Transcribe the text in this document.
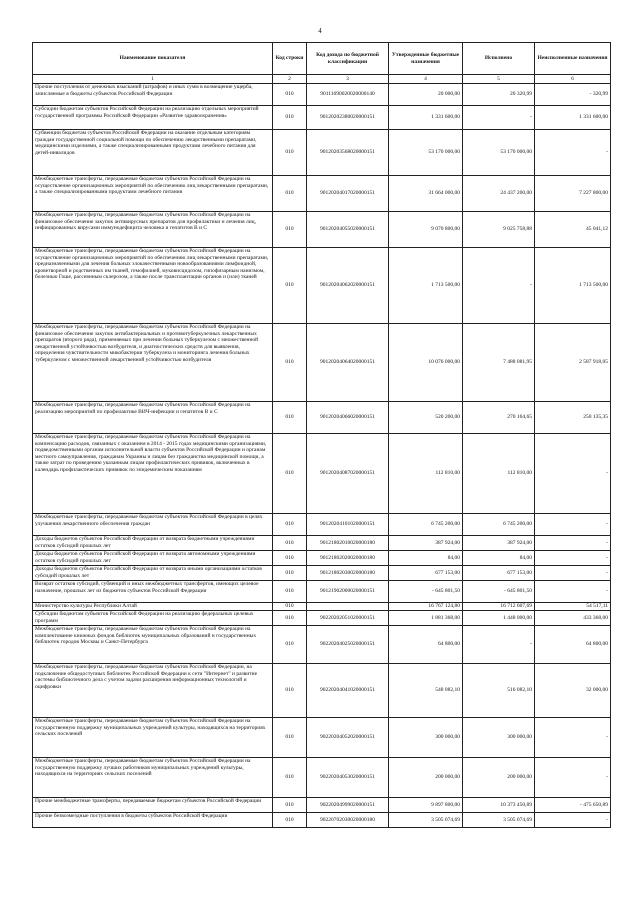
4
Наименование показателя	Код строки	Код дохода по бюджетной классификации	Утвержденные бюджетные назначения	Исполнено	Неисполненные назначения
1	2	3	4	5	6
Прочие поступления от денежных взысканий (штрафов) и иных сумм в возмещение ущерба, зачисляемые в бюджеты субъектов Российской Федерации	010	90111690020020000140	20 000,00	20 320,99	- 320,99
Субсидии бюджетам субъектов Российской Федерации на реализацию отдельных мероприятий государственной программы Российской Федерации «Развитие здравоохранения»	010	90120202380020000151	1 331 600,00	-	1 331 600,00
Субвенции бюджетам субъектов Российской Федерации на оказание отдельным категориям граждан государственной социальной помощи по обеспечению лекарственными препаратами, медицинскими изделиями, а также специализированными продуктами лечебного питания для детей-инвалидов	010	90120203568020000151	53 170 000,00	53 170 000,00	-
Межбюджетные трансферты, передаваемые бюджетам субъектов Российской Федерации на осуществление организационных мероприятий по обеспечению лиц лекарственными препаратами, а также специализированными продуктами лечебного питания	010	90120204017020000151	31 664 000,00	24 437 200,00	7 227 800,00
Межбюджетные трансферты, передаваемые бюджетам субъектов Российской Федерации на финансовое обеспечение закупок антивирусных препаратов для профилактики и лечения лиц, инфицированных вирусами иммунодефицита человека и гепатитов В и С	010	90120204055020000151	9 070 800,00	9 025 758,88	45 041,12
Межбюджетные трансферты, передаваемые бюджетам субъектов Российской Федерации на осуществление организационных мероприятий по обеспечению лиц лекарственными препаратами, предназначенными для лечения больных злокачественными новообразованиями лимфоидной, кроветворной и родственных им тканей, гемофилией, муковисцидозом, гипофизарным нанизмом, болезнью Гоше, рассеянным склерозом, а также после трансплантации органов и (или) тканей	010	90120204062020000151	1 713 500,00	-	1 713 500,00
Межбюджетные трансферты, передаваемые бюджетам субъектов Российской Федерации на финансовое обеспечение закупок антибактериальных и противотуберкулезных лекарственных препаратов (второго ряда), применяемых при лечении больных туберкулезом с множественной лекарственной устойчивостью возбудителя, и диагностических средств для выявления, определения чувствительности микобактерии туберкулеза и мониторинга лечения больных туберкулезом с множественной лекарственной устойчивостью возбудителя	010	90120204064020000151	10 076 000,00	7 488 081,95	2 587 918,05
Межбюджетные трансферты, передаваемые бюджетам субъектов Российской Федерации на реализацию мероприятий по профилактике ВИЧ-инфекции и гепатитов В и С	010	90120204066020000151	520 200,00	270 164,65	250 135,35
Межбюджетные трансферты, передаваемые бюджетам субъектов Российской Федерации на компенсацию расходов, связанных с оказанием в 2014 - 2015 годах медицинскими организациями, подведомственными органам исполнительной власти субъектов Российской Федерации и органам местного самоуправления, гражданам Украины и лицам без гражданства медицинской помощи, а также затрат по проведению указанным лицам профилактических прививок, включенных в календарь профилактических прививок по эпидемическим показаниям	010	90120204087020000151	112 810,00	112 810,00	-
Межбюджетные трансферты, передаваемые бюджетам субъектов Российской Федерации в целях улучшения лекарственного обеспечения граждан	010	90120204101020000151	6 745 200,00	6 745 200,00	-
Доходы бюджетов субъектов Российской Федерации от возврата бюджетными учреждениями остатков субсидий прошлых лет	010	90121802010020000180	387 924,00	387 924,00	-
Доходы бюджетов субъектов Российской Федерации от возврата автономными учреждениями остатков субсидий прошлых лет	010	90121802020020000180	84,00	84,00	-
Доходы бюджетов субъектов Российской Федерации от возврата иными организациями остатков субсидий прошлых лет	010	90121802030020000180	677 153,00	677 153,00	-
Возврат остатков субсидий, субвенций и иных межбюджетных трансфертов, имеющих целевое назначение, прошлых лет из бюджетов субъектов Российской Федерации	010	90121902000020000151	- 645 801,50	- 645 801,50	-
Министерство культуры Республики Алтай	010		16 767 124,80	16 712 607,69	54 517,11
Субсидии бюджетам субъектов Российской Федерации на реализацию федеральных целевых программ	010	90220202051020000151	1 881 368,00	1 448 000,00	433 368,00
Межбюджетные трансферты, передаваемые бюджетам субъектов Российской Федерации на комплектование книжных фондов библиотек муниципальных образований и государственных библиотек городов Москвы и Санкт-Петербурга	010	90220204025020000151	64 800,00	-	64 800,00
Межбюджетные трансферты, передаваемые бюджетам субъектов Российской Федерации, на подключение общедоступных библиотек Российской Федерации к сети "Интернет" и развитие системы библиотечного дела с учетом задачи расширения информационных технологий и оцифровки	010	90220204041020000151	548 082,10	516 082,10	32 000,00
Межбюджетные трансферты, передаваемые бюджетам субъектов Российской Федерации на государственную поддержку муниципальных учреждений культуры, находящихся на территориях сельских поселений	010	90220204052020000151	300 000,00	300 000,00	-
Межбюджетные трансферты, передаваемые бюджетам субъектов Российской Федерации на государственную поддержку лучших работников муниципальных учреждений культуры, находящихся на территориях сельских поселений	010	90220204053020000151	200 000,00	200 000,00	-
Прочие межбюджетные трансферты, передаваемые бюджетам субъектов Российской Федерации	010	90220204999020000151	9 897 800,00	10 373 450,89	- 475 650,89
Прочие безвозмездные поступления в бюджеты субъектов Российской Федерации	010	90220702030020000180	3 505 074,69	3 505 074,69	-
